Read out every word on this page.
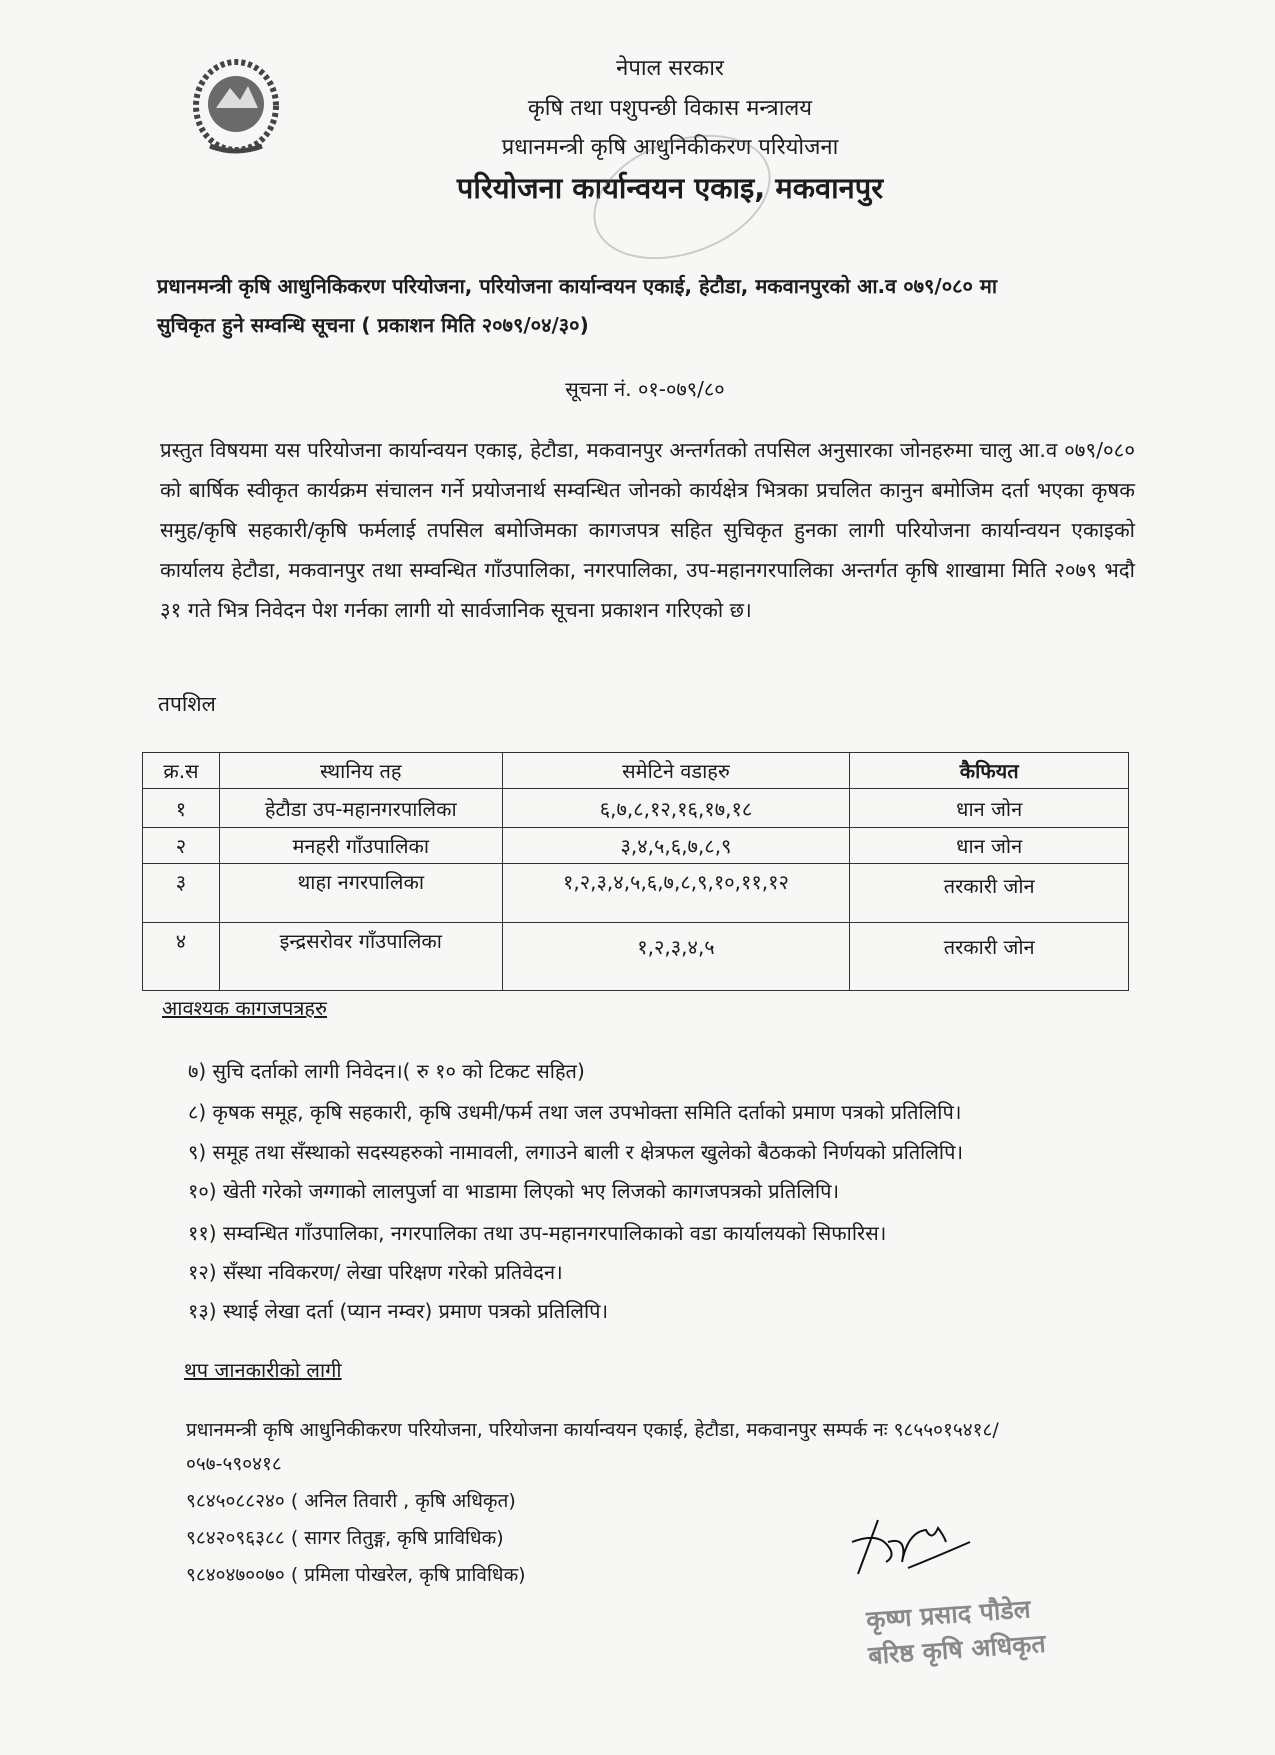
नेपाल सरकार
कृषि तथा पशुपन्छी विकास मन्त्रालय
प्रधानमन्त्री कृषि आधुनिकीकरण परियोजना
परियोजना कार्यान्वयन एकाइ, मकवानपुर
प्रधानमन्त्री कृषि आधुनिकिकरण परियोजना, परियोजना कार्यान्वयन एकाई, हेटौडा, मकवानपुरको आ.व ०७९/०८० मा
सुचिकृत हुने सम्वन्धि सूचना ( प्रकाशन मिति २०७९/०४/३०)
सूचना नं. ०१-०७९/८०
प्रस्तुत विषयमा यस परियोजना कार्यान्वयन एकाइ, हेटौडा, मकवानपुर अन्तर्गतको तपसिल अनुसारका जोनहरुमा चालु आ.व ०७९/०८० को बार्षिक स्वीकृत कार्यक्रम संचालन गर्ने प्रयोजनार्थ सम्वन्धित जोनको कार्यक्षेत्र भित्रका प्रचलित कानुन बमोजिम दर्ता भएका कृषक समुह/कृषि सहकारी/कृषि फर्मलाई तपसिल बमोजिमका कागजपत्र सहित सुचिकृत हुनका लागी परियोजना कार्यान्वयन एकाइको कार्यालय हेटौडा, मकवानपुर तथा सम्वन्धित गाँउपालिका, नगरपालिका, उप-महानगरपालिका अन्तर्गत कृषि शाखामा मिति २०७९ भदौ ३१ गते भित्र निवेदन पेश गर्नका लागी यो सार्वजानिक सूचना प्रकाशन गरिएको छ।
तपशिल
क्र.स	स्थानिय तह	समेटिने वडाहरु	कैफियत
१	हेटौडा उप-महानगरपालिका	६,७,८,१२,१६,१७,१८	धान जोन
२	मनहरी गाँउपालिका	३,४,५,६,७,८,९	धान जोन
३	थाहा नगरपालिका	१,२,३,४,५,६,७,८,९,१०,११,१२	तरकारी जोन
४	इन्द्रसरोवर गाँउपालिका	१,२,३,४,५	तरकारी जोन
आवश्यक कागजपत्रहरु
७) सुचि दर्ताको लागी निवेदन।( रु १० को टिकट सहित)
८) कृषक समूह, कृषि सहकारी, कृषि उधमी/फर्म तथा जल उपभोक्ता समिति दर्ताको प्रमाण पत्रको प्रतिलिपि।
९) समूह तथा सँस्थाको सदस्यहरुको नामावली, लगाउने बाली र क्षेत्रफल खुलेको बैठकको निर्णयको प्रतिलिपि।
१०) खेती गरेको जग्गाको लालपुर्जा वा भाडामा लिएको भए लिजको कागजपत्रको प्रतिलिपि।
११) सम्वन्धित गाँउपालिका, नगरपालिका तथा उप-महानगरपालिकाको वडा कार्यालयको सिफारिस।
१२) सँस्था नविकरण/ लेखा परिक्षण गरेको प्रतिवेदन।
१३) स्थाई लेखा दर्ता (प्यान नम्वर) प्रमाण पत्रको प्रतिलिपि।
थप जानकारीको लागी
प्रधानमन्त्री कृषि आधुनिकीकरण परियोजना, परियोजना कार्यान्वयन एकाई, हेटौडा, मकवानपुर सम्पर्क नः ९८५५०१५४१८/
०५७-५९०४१८
९८४५०८८२४० ( अनिल तिवारी , कृषि अधिकृत)
९८४२०९६३८८ ( सागर तितुङ्ग, कृषि प्राविधिक)
९८४०४७००७० ( प्रमिला पोखरेल, कृषि प्राविधिक)
कृष्ण प्रसाद पौडेल
बरिष्ठ कृषि अधिकृत
